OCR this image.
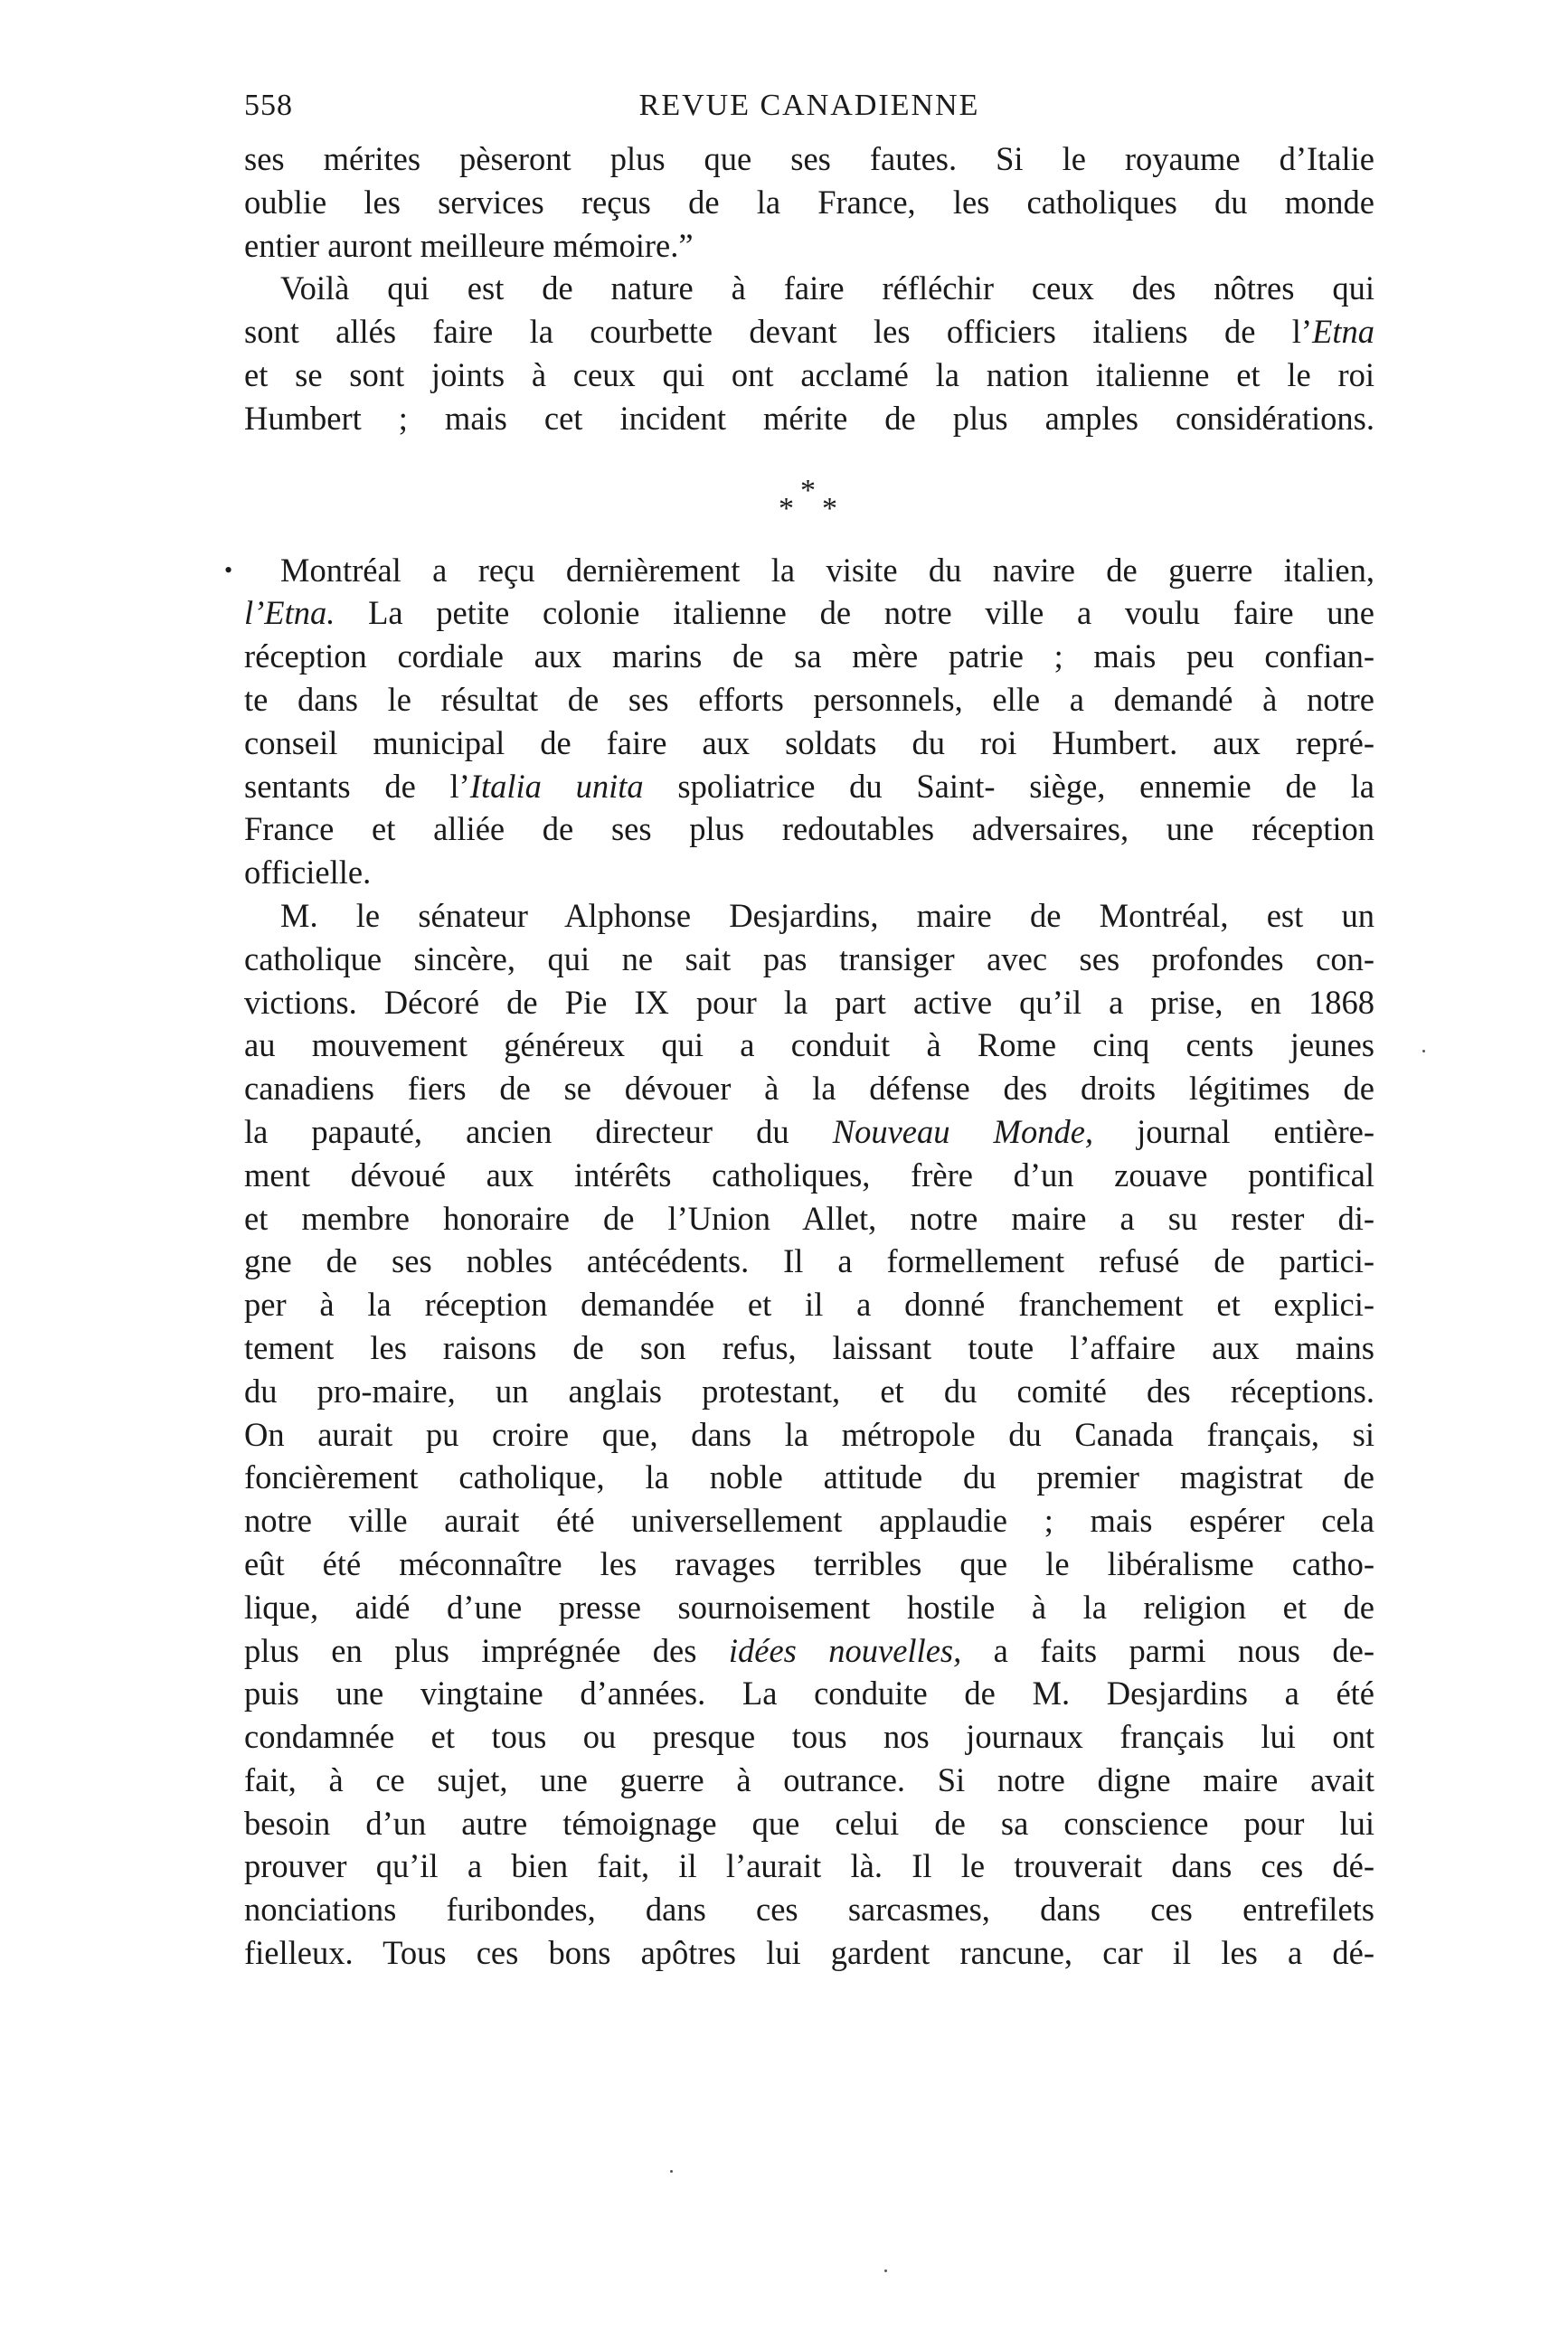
558	REVUE CANADIENNE
ses mérites pèseront plus que ses fautes. Si le royaume d’Italie
oublie les services reçus de la France, les catholiques du monde
entier auront meilleure mémoire.”
Voilà qui est de nature à faire réfléchir ceux des nôtres qui
sont allés faire la courbette devant les officiers italiens de l’Etna
et se sont joints à ceux qui ont acclamé la nation italienne et le roi
Humbert ; mais cet incident mérite de plus amples considérations.
*
* *
•	Montréal a reçu dernièrement la visite du navire de guerre italien,
l’Etna. La petite colonie italienne de notre ville a voulu faire une
réception cordiale aux marins de sa mère patrie ; mais peu confian-
te dans le résultat de ses efforts personnels, elle a demandé à notre
conseil municipal de faire aux soldats du roi Humbert. aux repré-
sentants de l’Italia unita spoliatrice du Saint- siège, ennemie de la
France et alliée de ses plus redoutables adversaires, une réception
officielle.
M. le sénateur Alphonse Desjardins, maire de Montréal, est un
catholique sincère, qui ne sait pas transiger avec ses profondes con-
victions. Décoré de Pie IX pour la part active qu’il a prise, en 1868
au mouvement généreux qui a conduit à Rome cinq cents jeunes
canadiens fiers de se dévouer à la défense des droits légitimes de
la papauté, ancien directeur du Nouveau Monde, journal entière-
ment dévoué aux intérêts catholiques, frère d’un zouave pontifical
et membre honoraire de l’Union Allet, notre maire a su rester di-
gne de ses nobles antécédents. Il a formellement refusé de partici-
per à la réception demandée et il a donné franchement et explici-
tement les raisons de son refus, laissant toute l’affaire aux mains
du pro-maire, un anglais protestant, et du comité des réceptions.
On aurait pu croire que, dans la métropole du Canada français, si
foncièrement catholique, la noble attitude du premier magistrat de
notre ville aurait été universellement applaudie ; mais espérer cela
eût été méconnaître les ravages terribles que le libéralisme catho-
lique, aidé d’une presse sournoisement hostile à la religion et de
plus en plus imprégnée des idées nouvelles, a faits parmi nous de-
puis une vingtaine d’années. La conduite de M. Desjardins a été
condamnée et tous ou presque tous nos journaux français lui ont
fait, à ce sujet, une guerre à outrance. Si notre digne maire avait
besoin d’un autre témoignage que celui de sa conscience pour lui
prouver qu’il a bien fait, il l’aurait là. Il le trouverait dans ces dé-
nonciations furibondes, dans ces sarcasmes, dans ces entrefilets
fielleux. Tous ces bons apôtres lui gardent rancune, car il les a dé-
